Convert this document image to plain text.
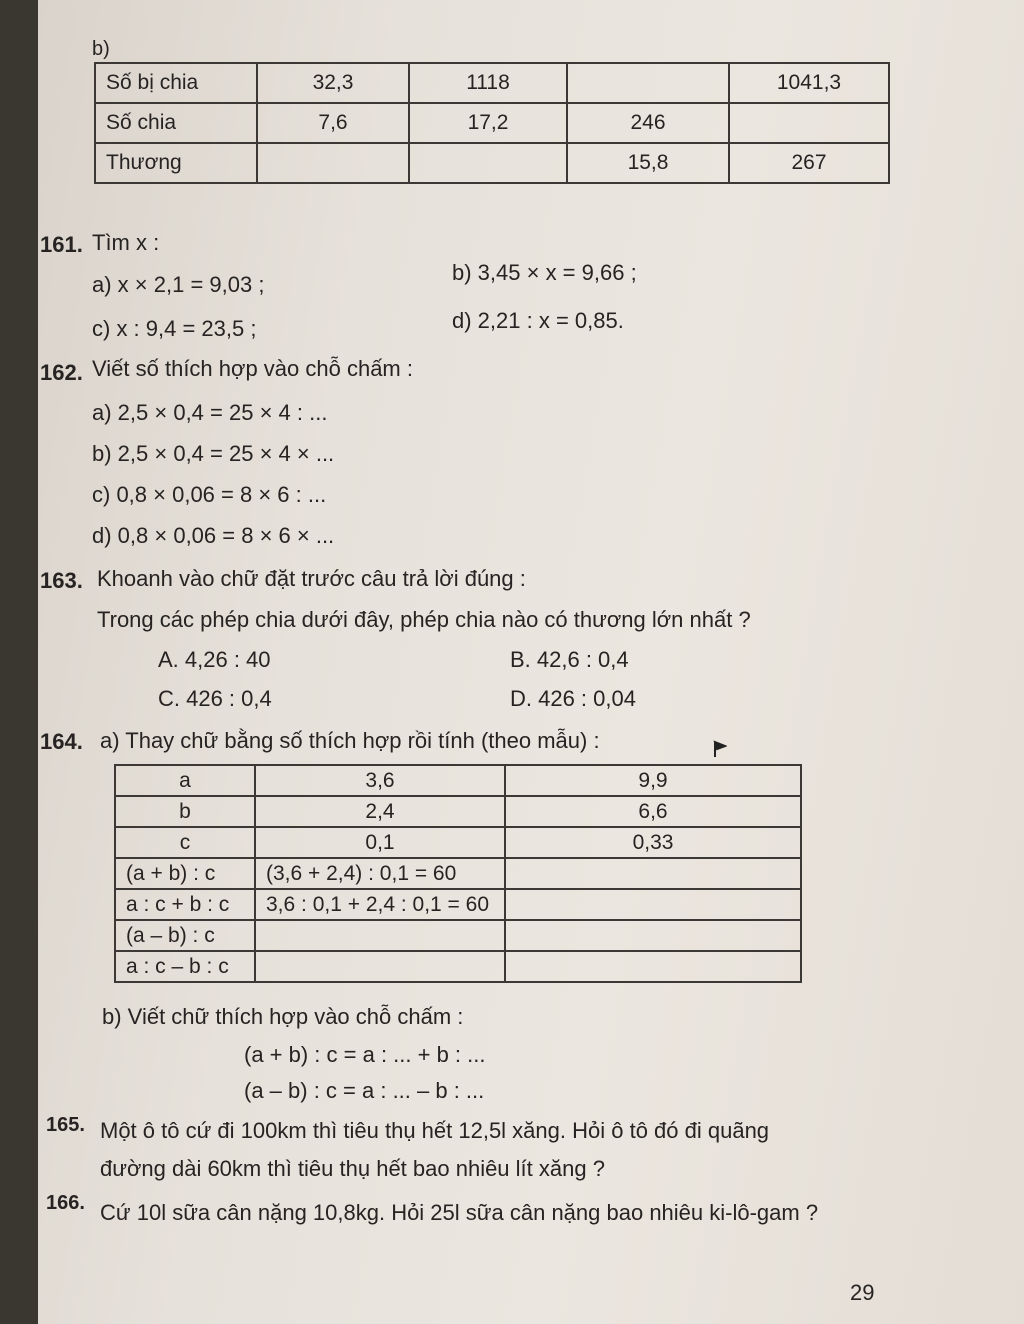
b)
Số bị chia	32,3	1118		1041,3
Số chia	7,6	17,2	246	
Thương			15,8	267
161. Tìm x :
a) x × 2,1 = 9,03 ;	b) 3,45 × x = 9,66 ;
c) x : 9,4 = 23,5 ;	d) 2,21 : x = 0,85.
162. Viết số thích hợp vào chỗ chấm :
a) 2,5 × 0,4 = 25 × 4 : ...
b) 2,5 × 0,4 = 25 × 4 × ...
c) 0,8 × 0,06 = 8 × 6 : ...
d) 0,8 × 0,06 = 8 × 6 × ...
163. Khoanh vào chữ đặt trước câu trả lời đúng :
Trong các phép chia dưới đây, phép chia nào có thương lớn nhất ?
A. 4,26 : 40	B. 42,6 : 0,4
C. 426 : 0,4	D. 426 : 0,04
164. a) Thay chữ bằng số thích hợp rồi tính (theo mẫu) :
a	3,6	9,9
b	2,4	6,6
c	0,1	0,33
(a + b) : c	(3,6 + 2,4) : 0,1 = 60	
a : c + b : c	3,6 : 0,1 + 2,4 : 0,1 = 60	
(a – b) : c		
a : c – b : c		
b) Viết chữ thích hợp vào chỗ chấm :
(a + b) : c = a : ... + b : ...
(a – b) : c = a : ... – b : ...
165. Một ô tô cứ đi 100km thì tiêu thụ hết 12,5l xăng. Hỏi ô tô đó đi quãng
đường dài 60km thì tiêu thụ hết bao nhiêu lít xăng ?
166. Cứ 10l sữa cân nặng 10,8kg. Hỏi 25l sữa cân nặng bao nhiêu ki-lô-gam ?
29
